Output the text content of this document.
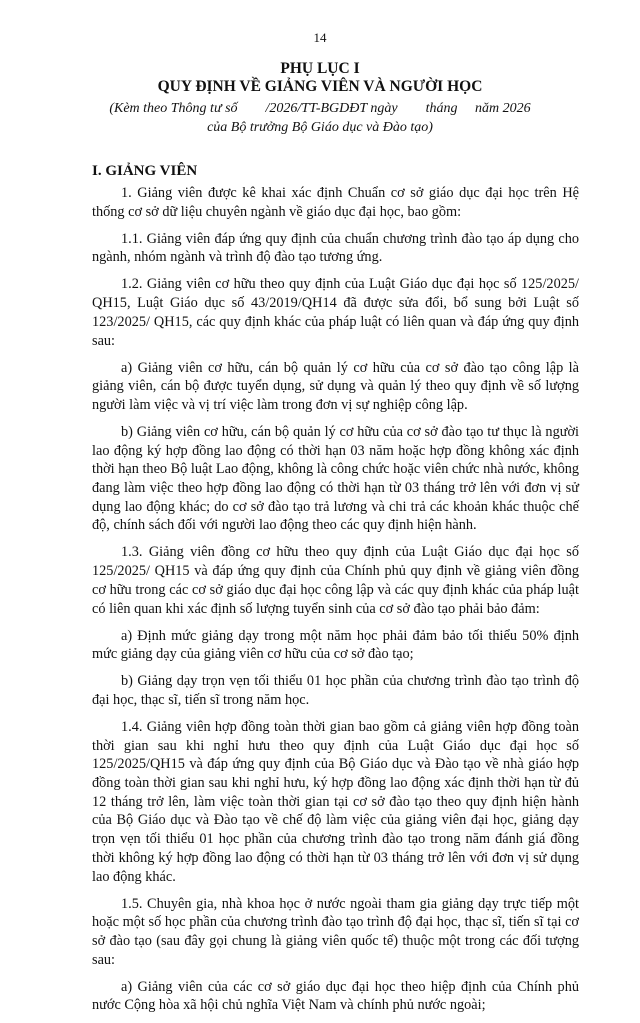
14
PHỤ LỤC I
QUY ĐỊNH VỀ GIẢNG VIÊN VÀ NGƯỜI HỌC
(Kèm theo Thông tư số        /2026/TT-BGDĐT ngày        tháng     năm 2026
của Bộ trưởng Bộ Giáo dục và Đào tạo)
I. GIẢNG VIÊN

1. Giảng viên được kê khai xác định Chuẩn cơ sở giáo dục đại học trên Hệ thống cơ sở dữ liệu chuyên ngành về giáo dục đại học, bao gồm:

1.1. Giảng viên đáp ứng quy định của chuẩn chương trình đào tạo áp dụng cho ngành, nhóm ngành và trình độ đào tạo tương ứng.

1.2. Giảng viên cơ hữu theo quy định của Luật Giáo dục đại học số 125/2025/ QH15, Luật Giáo dục số 43/2019/QH14 đã được sửa đổi, bổ sung bởi Luật số 123/2025/ QH15, các quy định khác của pháp luật có liên quan và đáp ứng quy định sau:

a) Giảng viên cơ hữu, cán bộ quản lý cơ hữu của cơ sở đào tạo công lập là giảng viên, cán bộ được tuyển dụng, sử dụng và quản lý theo quy định về số lượng người làm việc và vị trí việc làm trong đơn vị sự nghiệp công lập.

b) Giảng viên cơ hữu, cán bộ quản lý cơ hữu của cơ sở đào tạo tư thục là người lao động ký hợp đồng lao động có thời hạn 03 năm hoặc hợp đồng không xác định thời hạn theo Bộ luật Lao động, không là công chức hoặc viên chức nhà nước, không đang làm việc theo hợp đồng lao động có thời hạn từ 03 tháng trở lên với đơn vị sử dụng lao động khác; do cơ sở đào tạo trả lương và chi trả các khoản khác thuộc chế độ, chính sách đối với người lao động theo các quy định hiện hành.

1.3. Giảng viên đồng cơ hữu theo quy định của Luật Giáo dục đại học số 125/2025/ QH15 và đáp ứng quy định của Chính phủ quy định về giảng viên đồng cơ hữu trong các cơ sở giáo dục đại học công lập và các quy định khác của pháp luật có liên quan khi xác định số lượng tuyển sinh của cơ sở đào tạo phải bảo đảm:

a) Định mức giảng dạy trong một năm học phải đảm bảo tối thiểu 50% định mức giảng dạy của giảng viên cơ hữu của cơ sở đào tạo;

b) Giảng dạy trọn vẹn tối thiểu 01 học phần của chương trình đào tạo trình độ đại học, thạc sĩ, tiến sĩ trong năm học.

1.4. Giảng viên hợp đồng toàn thời gian bao gồm cả giảng viên hợp đồng toàn thời gian sau khi nghỉ hưu theo quy định của Luật Giáo dục đại học số 125/2025/QH15 và đáp ứng quy định của Bộ Giáo dục và Đào tạo về nhà giáo hợp đồng toàn thời gian sau khi nghỉ hưu, ký hợp đồng lao động xác định thời hạn từ đủ 12 tháng trở lên, làm việc toàn thời gian tại cơ sở đào tạo theo quy định hiện hành của Bộ Giáo dục và Đào tạo về chế độ làm việc của giảng viên đại học, giảng dạy trọn vẹn tối thiểu 01 học phần của chương trình đào tạo trong năm đánh giá đồng thời không ký hợp đồng lao động có thời hạn từ 03 tháng trở lên với đơn vị sử dụng lao động khác.

1.5. Chuyên gia, nhà khoa học ở nước ngoài tham gia giảng dạy trực tiếp một hoặc một số học phần của chương trình đào tạo trình độ đại học, thạc sĩ, tiến sĩ tại cơ sở đào tạo (sau đây gọi chung là giảng viên quốc tế) thuộc một trong các đối tượng sau:

a) Giảng viên của các cơ sở giáo dục đại học theo hiệp định của Chính phủ nước Cộng hòa xã hội chủ nghĩa Việt Nam và chính phủ nước ngoài;
